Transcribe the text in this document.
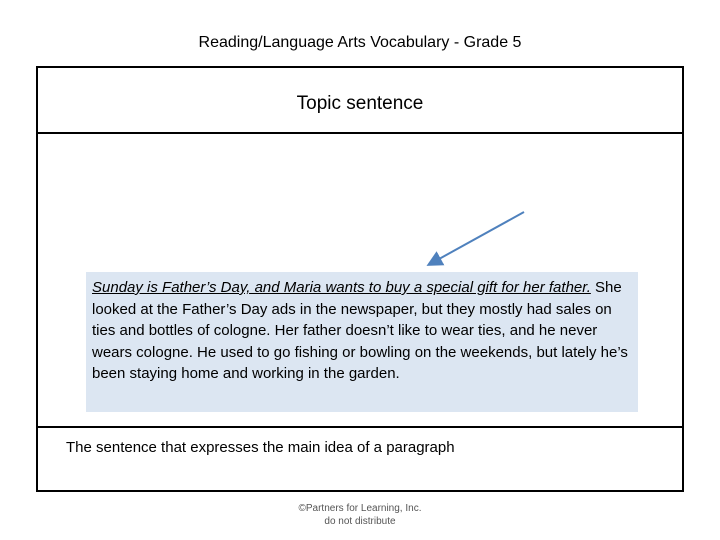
Reading/Language Arts Vocabulary - Grade 5
Topic sentence
Sunday is Father’s Day, and Maria wants to buy a special gift for her father. She looked at the Father’s Day ads in the newspaper, but they mostly had sales on ties and bottles of cologne. Her father doesn’t like to wear ties, and he never wears cologne. He used to go fishing or bowling on the weekends, but lately he’s been staying home and working in the garden.
The sentence that expresses the main idea of a paragraph
©Partners for Learning, Inc.
do not distribute
